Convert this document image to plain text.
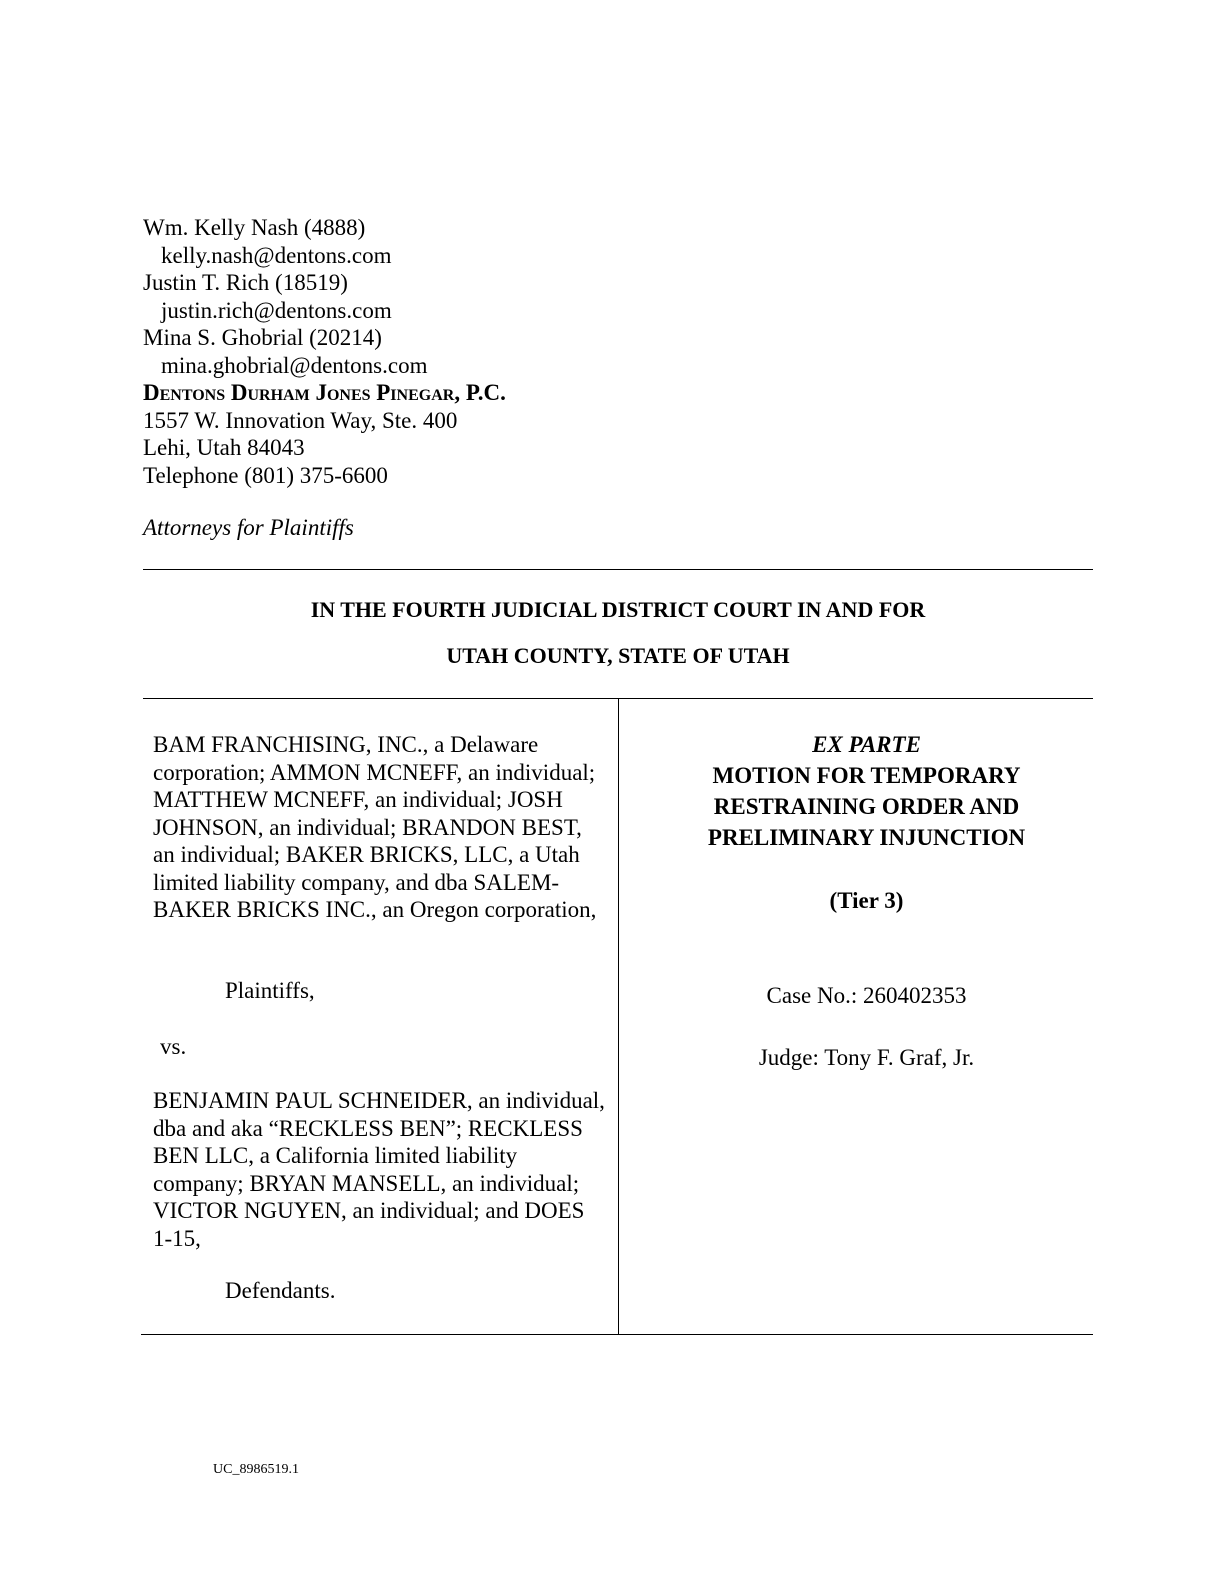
Wm. Kelly Nash (4888)
kelly.nash@dentons.com
Justin T. Rich (18519)
justin.rich@dentons.com
Mina S. Ghobrial (20214)
mina.ghobrial@dentons.com
Dentons Durham Jones Pinegar, P.C.
1557 W. Innovation Way, Ste. 400
Lehi, Utah 84043
Telephone (801) 375-6600
Attorneys for Plaintiffs
IN THE FOURTH JUDICIAL DISTRICT COURT IN AND FOR
UTAH COUNTY, STATE OF UTAH
BAM FRANCHISING, INC., a Delaware corporation; AMMON MCNEFF, an individual; MATTHEW MCNEFF, an individual; JOSH JOHNSON, an individual; BRANDON BEST, an individual; BAKER BRICKS, LLC, a Utah limited liability company, and dba SALEM-BAKER BRICKS INC., an Oregon corporation,
Plaintiffs,
vs.
BENJAMIN PAUL SCHNEIDER, an individual, dba and aka “RECKLESS BEN”; RECKLESS BEN LLC, a California limited liability company; BRYAN MANSELL, an individual; VICTOR NGUYEN, an individual; and DOES 1-15,
Defendants.
EX PARTE
MOTION FOR TEMPORARY
RESTRAINING ORDER AND
PRELIMINARY INJUNCTION
(Tier 3)
Case No.: 260402353
Judge: Tony F. Graf, Jr.
UC_8986519.1
